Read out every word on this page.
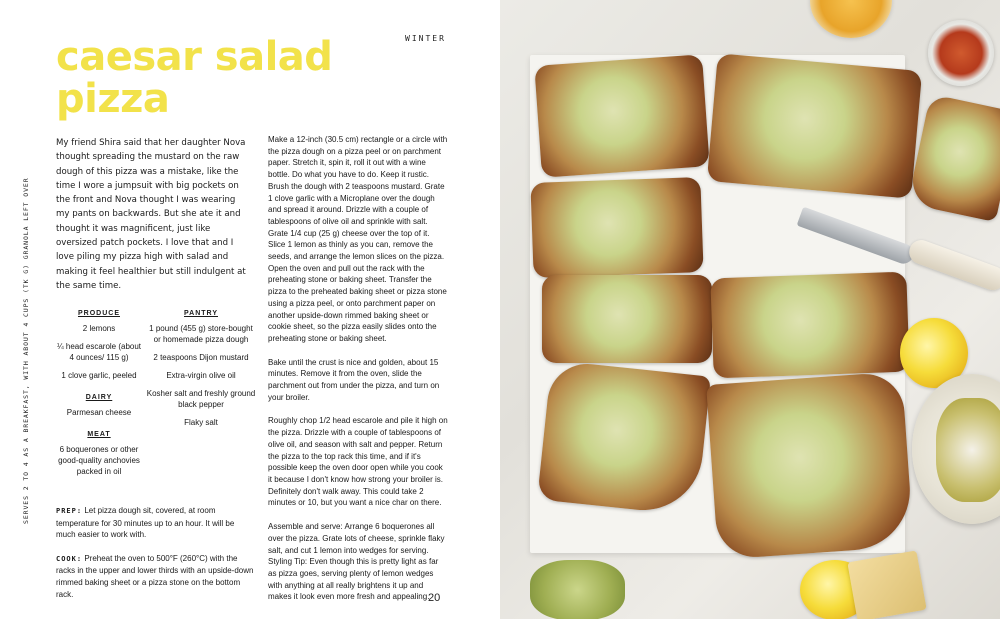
WINTER
caesar salad pizza
SERVES 2 TO 4 AS A BREAKFAST, WITH ABOUT 4 CUPS (TK G) GRANOLA LEFT OVER

My friend Shira said that her daughter Nova thought spreading the mustard on the raw dough of this pizza was a mistake, like the time I wore a jumpsuit with big pockets on the front and Nova thought I was wearing my pants on backwards. But she ate it and thought it was magnificent, just like oversized patch pockets. I love that and I love piling my pizza high with salad and making it feel healthier but still indulgent at the same time.

PRODUCE
2 lemons
¼ head escarole (about 4 ounces/ 115 g)
1 clove garlic, peeled
DAIRY
Parmesan cheese
MEAT
6 boquerones or other good-quality anchovies packed in oil
PANTRY
1 pound (455 g) store-bought or homemade pizza dough
2 teaspoons Dijon mustard
Extra-virgin olive oil
Kosher salt and freshly ground black pepper
Flaky salt

PREP: Let pizza dough sit, covered, at room temperature for 30 minutes up to an hour. It will be much easier to work with.

COOK: Preheat the oven to 500°F (260°C) with the racks in the upper and lower thirds with an upside-down rimmed baking sheet or a pizza stone on the bottom rack.

Make a 12-inch (30.5 cm) rectangle or a circle with the pizza dough on a pizza peel or on parchment paper. Stretch it, spin it, roll it out with a wine bottle. Do what you have to do. Keep it rustic. Brush the dough with 2 teaspoons mustard. Grate 1 clove garlic with a Microplane over the dough and spread it around. Drizzle with a couple of tablespoons of olive oil and sprinkle with salt. Grate 1/4 cup (25 g) cheese over the top of it. Slice 1 lemon as thinly as you can, remove the seeds, and arrange the lemon slices on the pizza. Open the oven and pull out the rack with the preheating stone or baking sheet. Transfer the pizza to the preheated baking sheet or pizza stone using a pizza peel, or onto parchment paper on another upside-down rimmed baking sheet or cookie sheet, so the pizza easily slides onto the preheating stone or baking sheet.

Bake until the crust is nice and golden, about 15 minutes. Remove it from the oven, slide the parchment out from under the pizza, and turn on your broiler.

Roughly chop 1/2 head escarole and pile it high on the pizza. Drizzle with a couple of tablespoons of olive oil, and season with salt and pepper. Return the pizza to the top rack this time, and if it's possible keep the oven door open while you cook it because I don't know how strong your broiler is. Definitely don't walk away. This could take 2 minutes or 10, but you want a nice char on there.

Assemble and serve: Arrange 6 boquerones all over the pizza. Grate lots of cheese, sprinkle flaky salt, and cut 1 lemon into wedges for serving. Styling Tip: Even though this is pretty light as far as pizza goes, serving plenty of lemon wedges with anything at all really brightens it up and makes it look even more fresh and appealing.

20
